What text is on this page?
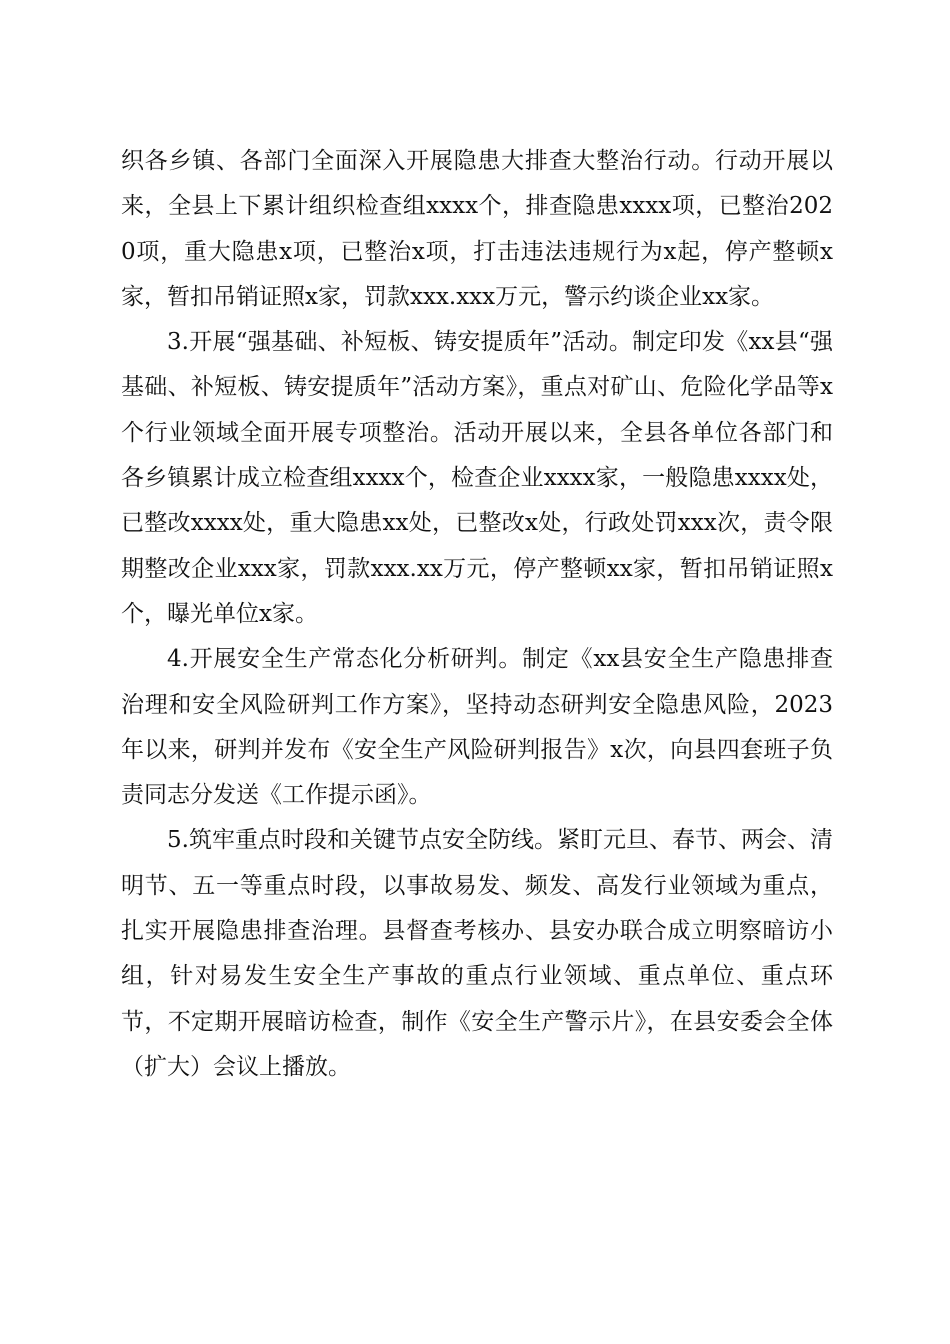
织各乡镇、各部门全面深入开展隐患大排查大整治行动。行动开展以来，全县上下累计组织检查组xxxx个，排查隐患xxxx项，已整治2020项，重大隐患x项，已整治x项，打击违法违规行为x起，停产整顿x家，暂扣吊销证照x家，罚款xxx.xxx万元，警示约谈企业xx家。

3.开展“强基础、补短板、铸安提质年”活动。制定印发《xx县“强基础、补短板、铸安提质年”活动方案》，重点对矿山、危险化学品等x个行业领域全面开展专项整治。活动开展以来，全县各单位各部门和各乡镇累计成立检查组xxxx个，检查企业xxxx家，一般隐患xxxx处，已整改xxxx处，重大隐患xx处，已整改x处，行政处罚xxx次，责令限期整改企业xxx家，罚款xxx.xx万元，停产整顿xx家，暂扣吊销证照x个，曝光单位x家。

4.开展安全生产常态化分析研判。制定《xx县安全生产隐患排查治理和安全风险研判工作方案》，坚持动态研判安全隐患风险，2023年以来，研判并发布《安全生产风险研判报告》x次，向县四套班子负责同志分发送《工作提示函》。

5.筑牢重点时段和关键节点安全防线。紧盯元旦、春节、两会、清明节、五一等重点时段，以事故易发、频发、高发行业领域为重点，扎实开展隐患排查治理。县督查考核办、县安办联合成立明察暗访小组，针对易发生安全生产事故的重点行业领域、重点单位、重点环节，不定期开展暗访检查，制作《安全生产警示片》，在县安委会全体（扩大）会议上播放。
